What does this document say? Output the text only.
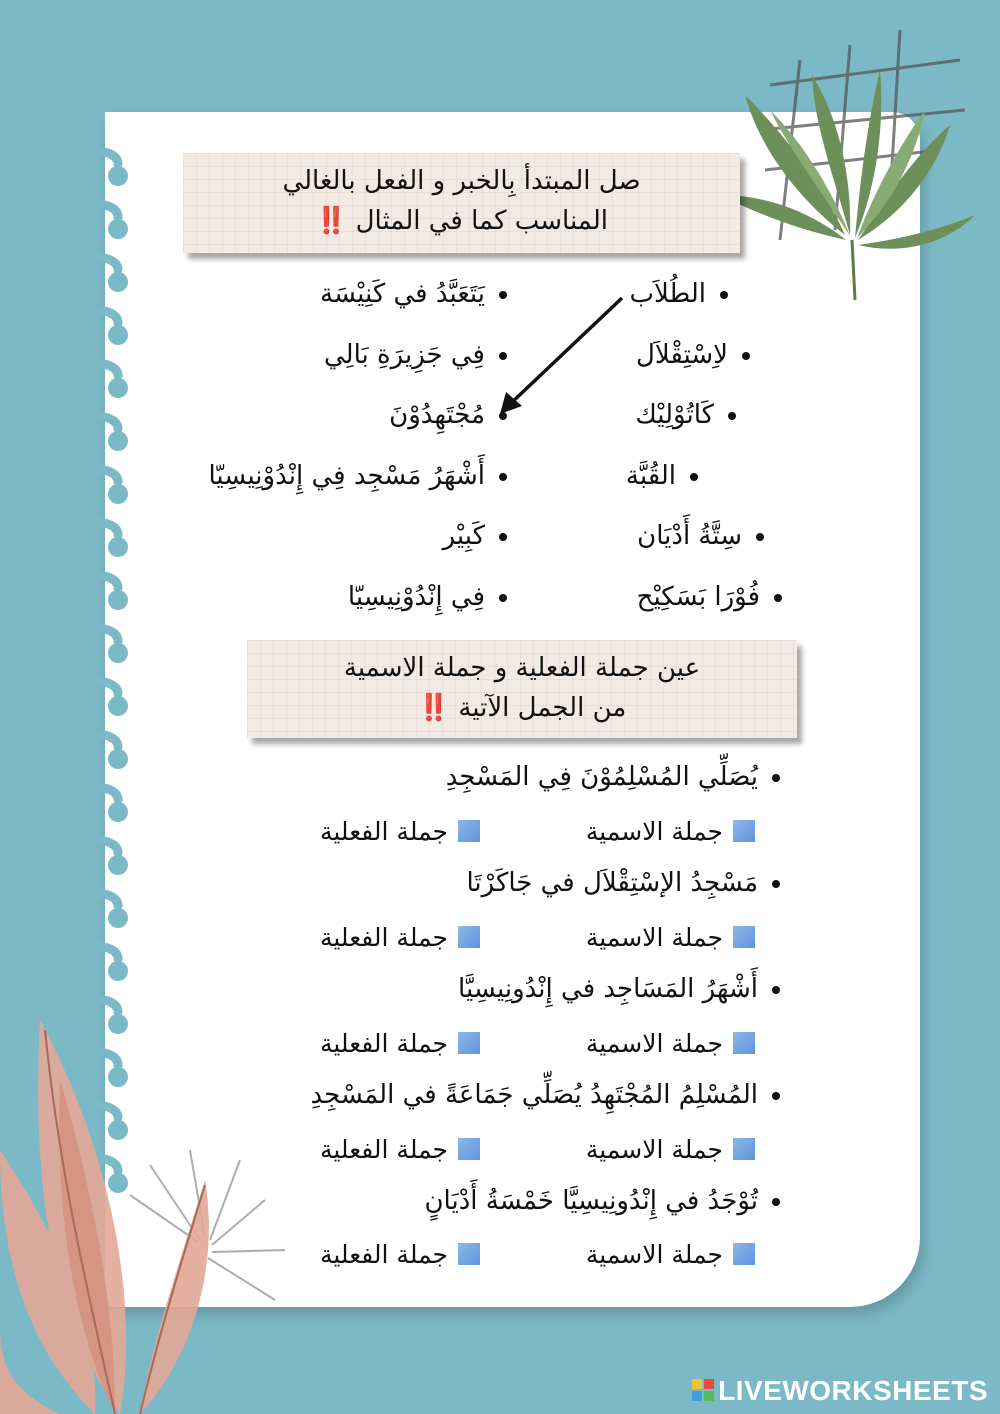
صل المبتدأ بِالخبر و الفعل بالغالي
المناسب كما في المثال ‼️
الطُلاَب
لاِسْتِقْلاَل
كَاتُوْلِيْك
القُبَّة
سِتَّةُ أَدْيَان
فُوْرَا بَسَكِيْح
يَتَعَبَّدُ في كَنِيْسَة
فِي جَزِيرَةِ بَالِي
مُجْتَهِدُوْنَ
أَشْهَرُ مَسْجِد فِي إِنْدُوْنِيسِيّا
كَبِيْر
فِي إِنْدُوْنِيسِيّا
عين جملة الفعلية و جملة الاسمية
من الجمل الآتية ‼️
يُصَلِّي المُسْلِمُوْنَ فِي المَسْجِدِ
جملة الاسمية
جملة الفعلية
مَسْجِدُ الإسْتِقْلاَل في جَاكَرْتَا
جملة الاسمية
جملة الفعلية
أَشْهَرُ المَسَاجِد في إِنْدُونِيسِيَّا
جملة الاسمية
جملة الفعلية
المُسْلِمُ المُجْتَهِدُ يُصَلِّي جَمَاعَةً في المَسْجِدِ
جملة الاسمية
جملة الفعلية
تُوْجَدُ في إِنْدُونِيسِيَّا خَمْسَةُ أَدْيَانٍ
جملة الاسمية
جملة الفعلية
LIVEWORKSHEETS
